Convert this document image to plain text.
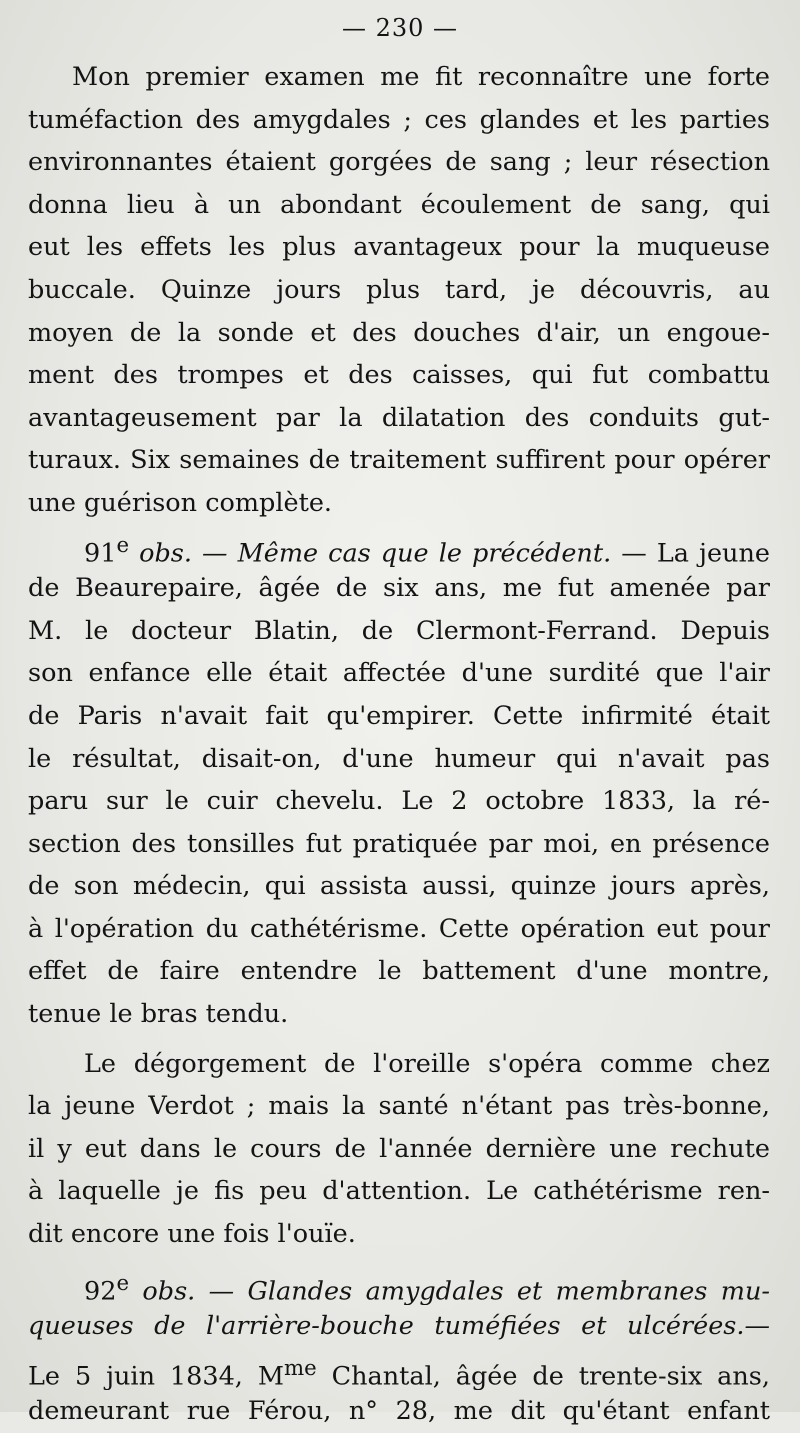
— 230 —

Mon premier examen me fit reconnaître une forte
tuméfaction des amygdales ; ces glandes et les parties
environnantes étaient gorgées de sang ; leur résection
donna lieu à un abondant écoulement de sang, qui
eut les effets les plus avantageux pour la muqueuse
buccale. Quinze jours plus tard, je découvris, au
moyen de la sonde et des douches d'air, un engoue-
ment des trompes et des caisses, qui fut combattu
avantageusement par la dilatation des conduits gut-
turaux. Six semaines de traitement suffirent pour opérer
une guérison complète.
91e obs. — Même cas que le précédent. — La jeune
de Beaurepaire, âgée de six ans, me fut amenée par
M. le docteur Blatin, de Clermont-Ferrand. Depuis
son enfance elle était affectée d'une surdité que l'air
de Paris n'avait fait qu'empirer. Cette infirmité était
le résultat, disait-on, d'une humeur qui n'avait pas
paru sur le cuir chevelu. Le 2 octobre 1833, la ré-
section des tonsilles fut pratiquée par moi, en présence
de son médecin, qui assista aussi, quinze jours après,
à l'opération du cathétérisme. Cette opération eut pour
effet de faire entendre le battement d'une montre,
tenue le bras tendu.
Le dégorgement de l'oreille s'opéra comme chez
la jeune Verdot ; mais la santé n'étant pas très-bonne,
il y eut dans le cours de l'année dernière une rechute
à laquelle je fis peu d'attention. Le cathétérisme ren-
dit encore une fois l'ouïe.
92e obs. — Glandes amygdales et membranes mu-
queuses de l'arrière-bouche tuméfiées et ulcérées.—
Le 5 juin 1834, $M^{me}$ Chantal, âgée de trente-six ans,
demeurant rue Férou, n° 28, me dit qu'étant enfant
